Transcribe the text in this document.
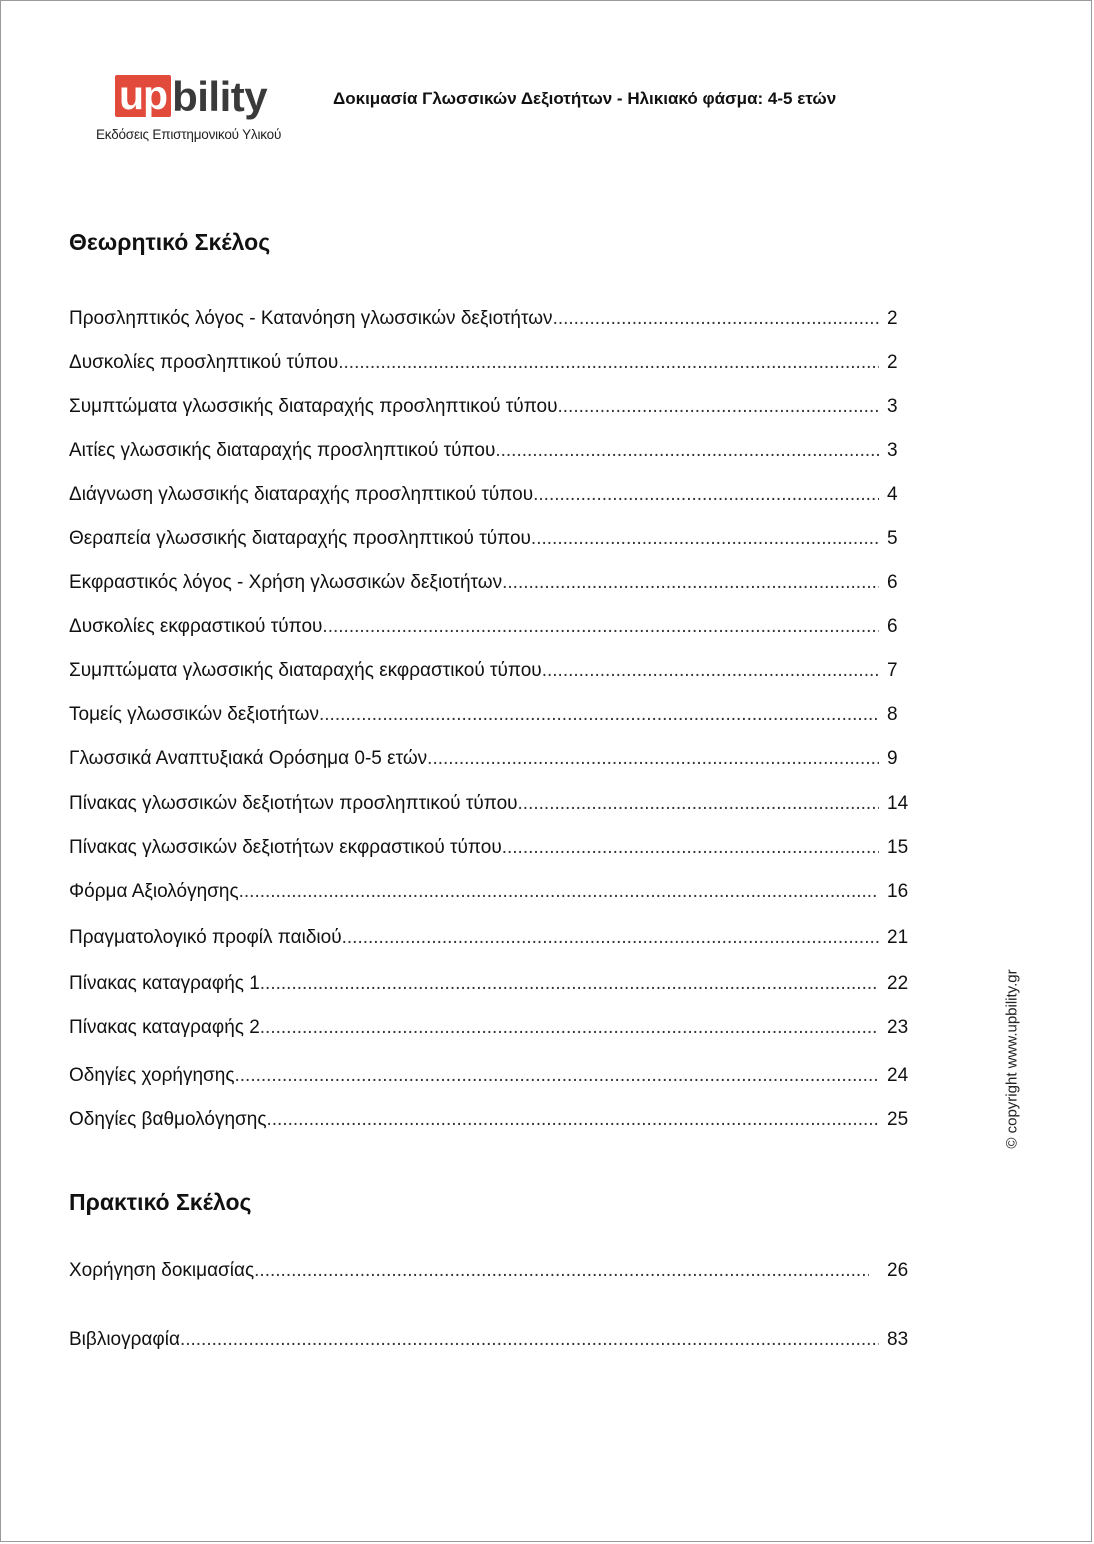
up bility
Εκδόσεις Επιστημονικού Υλικού
Δοκιμασία Γλωσσικών Δεξιοτήτων - Ηλικιακό φάσμα: 4-5 ετών
Θεωρητικό Σκέλος
Προσληπτικός λόγος - Κατανόηση γλωσσικών δεξιοτήτων .....	2
Δυσκολίες προσληπτικού τύπου .....	2
Συμπτώματα γλωσσικής διαταραχής προσληπτικού τύπου .....	3
Αιτίες γλωσσικής διαταραχής προσληπτικού τύπου .....	3
Διάγνωση γλωσσικής διαταραχής προσληπτικού τύπου .....	4
Θεραπεία γλωσσικής διαταραχής προσληπτικού τύπου .....	5
Εκφραστικός λόγος - Χρήση γλωσσικών δεξιοτήτων .....	6
Δυσκολίες εκφραστικού τύπου .....	6
Συμπτώματα γλωσσικής διαταραχής εκφραστικού τύπου .....	7
Τομείς γλωσσικών δεξιοτήτων .....	8
Γλωσσικά Αναπτυξιακά Ορόσημα 0-5 ετών .....	9
Πίνακας γλωσσικών δεξιοτήτων προσληπτικού τύπου .....	14
Πίνακας γλωσσικών δεξιοτήτων εκφραστικού τύπου .....	15
Φόρμα Αξιολόγησης .....	16
Πραγματολογικό προφίλ παιδιού .....	21
Πίνακας καταγραφής 1 .....	22
Πίνακας καταγραφής 2 .....	23
Οδηγίες χορήγησης .....	24
Οδηγίες βαθμολόγησης .....	25
Πρακτικό Σκέλος
Χορήγηση δοκιμασίας .....	26
Βιβλιογραφία .....	83
© copyright www.upbility.gr
